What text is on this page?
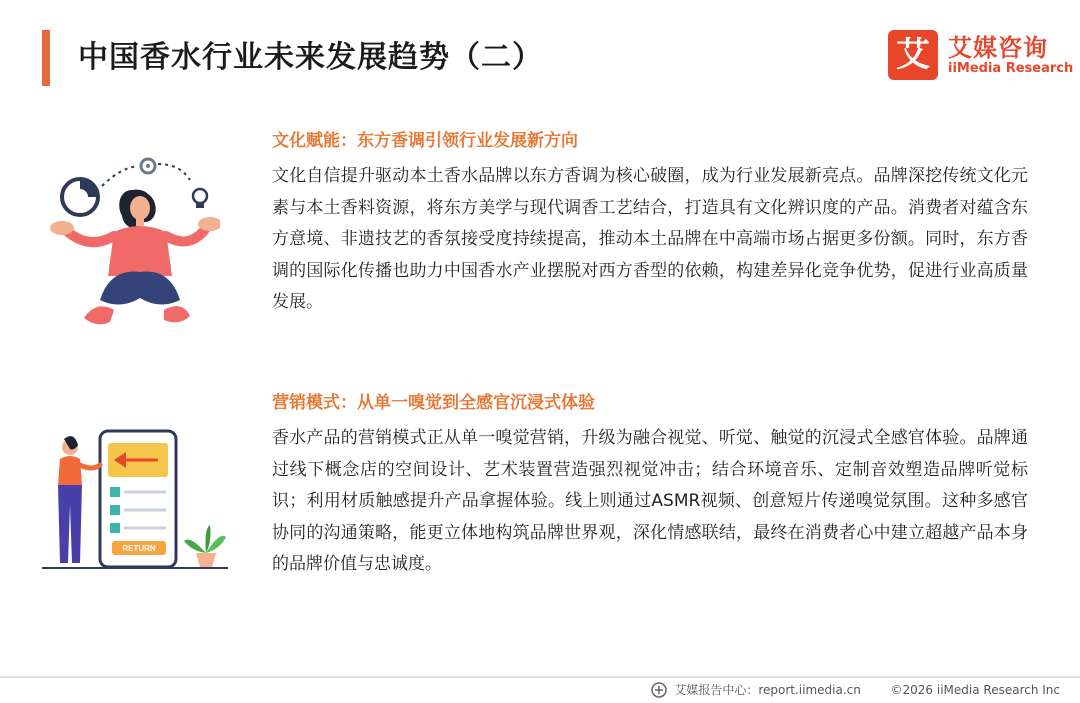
中国香水行业未来发展趋势（二）	艾 艾媒咨询
iiMedia Research
文化赋能：东方香调引领行业发展新方向
文化自信提升驱动本土香水品牌以东方香调为核心破圈，成为行业发展新亮点。品牌深挖传统文化元素与本土香料资源，将东方美学与现代调香工艺结合，打造具有文化辨识度的产品。消费者对蕴含东方意境、非遗技艺的香氛接受度持续提高，推动本土品牌在中高端市场占据更多份额。同时，东方香调的国际化传播也助力中国香水产业摆脱对西方香型的依赖，构建差异化竞争优势，促进行业高质量发展。
RETURN
营销模式：从单一嗅觉到全感官沉浸式体验
香水产品的营销模式正从单一嗅觉营销，升级为融合视觉、听觉、触觉的沉浸式全感官体验。品牌通过线下概念店的空间设计、艺术装置营造强烈视觉冲击；结合环境音乐、定制音效塑造品牌听觉标识；利用材质触感提升产品拿握体验。线上则通过ASMR视频、创意短片传递嗅觉氛围。这种多感官协同的沟通策略，能更立体地构筑品牌世界观，深化情感联结，最终在消费者心中建立超越产品本身的品牌价值与忠诚度。
艾媒报告中心：report.iimedia.cn ©2026 iiMedia Research Inc
